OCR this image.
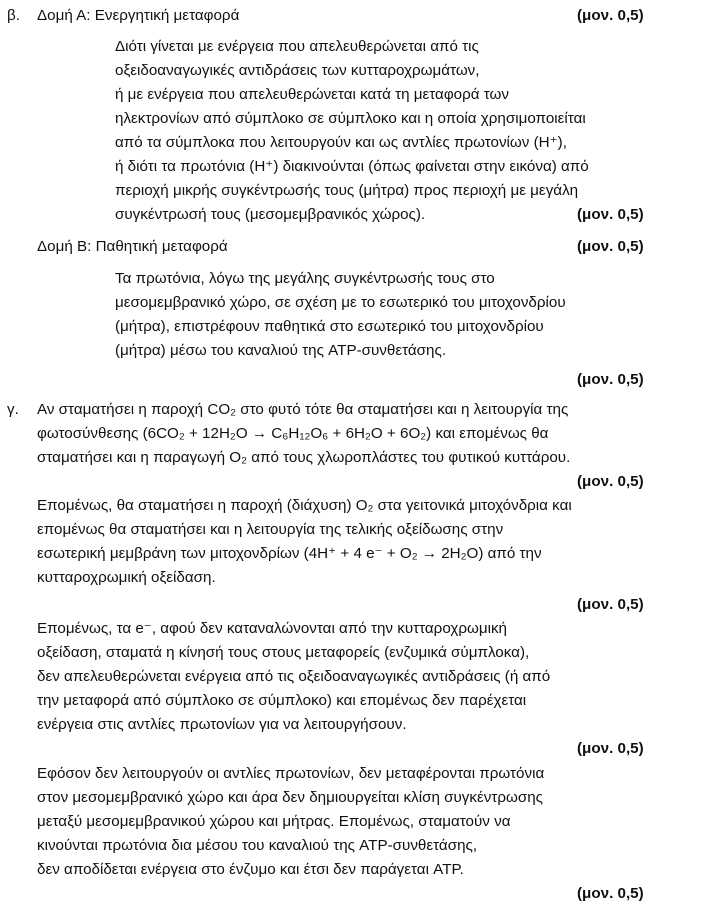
β. Δομή Α: Ενεργητική μεταφορά	(μον. 0,5)
Διότι γίνεται με ενέργεια που απελευθερώνεται από τις
οξειδοαναγωγικές αντιδράσεις των κυτταροχρωμάτων,
ή με ενέργεια που απελευθερώνεται κατά τη μεταφορά των
ηλεκτρονίων από σύμπλοκο σε σύμπλοκο και η οποία χρησιμοποιείται
από τα σύμπλοκα που λειτουργούν και ως αντλίες πρωτονίων (H⁺),
ή διότι τα πρωτόνια (H⁺) διακινούνται (όπως φαίνεται στην εικόνα) από
περιοχή μικρής συγκέντρωσής τους (μήτρα) προς περιοχή με μεγάλη
συγκέντρωσή τους (μεσομεμβρανικός χώρος).	(μον. 0,5)
Δομή Β: Παθητική μεταφορά	(μον. 0,5)
Τα πρωτόνια, λόγω της μεγάλης συγκέντρωσής τους στο
μεσομεμβρανικό χώρο, σε σχέση με το εσωτερικό του μιτοχονδρίου
(μήτρα), επιστρέφουν παθητικά στο εσωτερικό του μιτοχονδρίου
(μήτρα) μέσω του καναλιού της ATP-συνθετάσης.
(μον. 0,5)
γ. Αν σταματήσει η παροχή CO₂ στο φυτό τότε θα σταματήσει και η λειτουργία της
φωτοσύνθεσης (6CO₂ + 12H₂O → C₆H₁₂O₆ + 6H₂O + 6O₂) και επομένως θα
σταματήσει και η παραγωγή O₂ από τους χλωροπλάστες του φυτικού κυττάρου.
(μον. 0,5)
Επομένως, θα σταματήσει η παροχή (διάχυση) O₂ στα γειτονικά μιτοχόνδρια και
επομένως θα σταματήσει και η λειτουργία της τελικής οξείδωσης στην
εσωτερική μεμβράνη των μιτοχονδρίων (4H⁺ + 4 e⁻ + O₂ → 2H₂O) από την
κυτταροχρωμική οξείδαση.
(μον. 0,5)
Επομένως, τα e⁻, αφού δεν καταναλώνονται από την κυτταροχρωμική
οξείδαση, σταματά η κίνησή τους στους μεταφορείς (ενζυμικά σύμπλοκα),
δεν απελευθερώνεται ενέργεια από τις οξειδοαναγωγικές αντιδράσεις (ή από
την μεταφορά από σύμπλοκο σε σύμπλοκο) και επομένως δεν παρέχεται
ενέργεια στις αντλίες πρωτονίων για να λειτουργήσουν.
(μον. 0,5)
Εφόσον δεν λειτουργούν οι αντλίες πρωτονίων, δεν μεταφέρονται πρωτόνια
στον μεσομεμβρανικό χώρο και άρα δεν δημιουργείται κλίση συγκέντρωσης
μεταξύ μεσομεμβρανικού χώρου και μήτρας. Επομένως, σταματούν να
κινούνται πρωτόνια δια μέσου του καναλιού της ATP-συνθετάσης,
δεν αποδίδεται ενέργεια στο ένζυμο και έτσι δεν παράγεται ATP.
(μον. 0,5)
